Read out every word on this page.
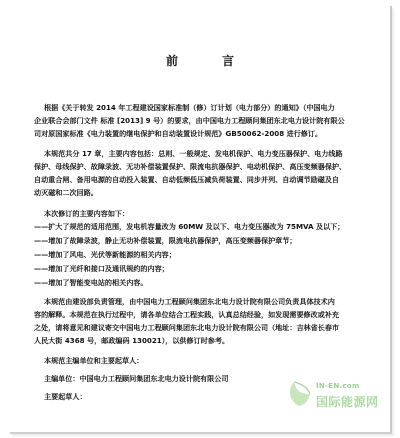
前　言
根据《关于转发 2014 年工程建设国家标准制（修）订计划（电力部分）的通知》（中国电力
企业联合会部门文件 标准 [2013] 9 号）的要求，由中国电力工程顾问集团东北电力设计院有限公
司对原国家标准《电力装置的继电保护和自动装置设计规范》GB50062-2008 进行修订。
本规范共分 17 章，主要内容包括：总则、一般规定、发电机保护、电力变压器保护、电力线路
保护、母线保护、故障录波、无功补偿装置保护、限流电抗器保护、电动机保护、高压变频器保护、
自动重合闸、备用电源的自动投入装置、自动低频低压减负荷装置、同步并列、自动调节励磁及自
动灭磁和二次回路。
本次修订的主要内容如下：
——扩大了规范的适用范围，发电机容量改为 60MW 及以下、电力变压器改为 75MVA 及以下；
——增加了故障录波，静止无功补偿装置，限流电抗器保护，高压变频器保护章节；
——增加了风电、光伏等新能源的相关内容；
——增加了光纤和接口及通讯规约的内容；
——增加了智能变电站的相关内容。
本规范由建设部负责管理，由中国电力工程顾问集团东北电力设计院有限公司负责具体技术内
容的解释。本规范在执行过程中，请各单位结合工程实践，认真总结经验，如发现需要修改或补充
之处，请将意见和建议寄交中国电力工程顾问集团东北电力设计院有限公司（地址：吉林省长春市
人民大街 4368 号，邮政编码 130021），以供修订时参考。
本规范主编单位和主要起草人：
主编单位：中国电力工程顾问集团东北电力设计院有限公司
主要起草人：
IN-EN.com
国际能源网
